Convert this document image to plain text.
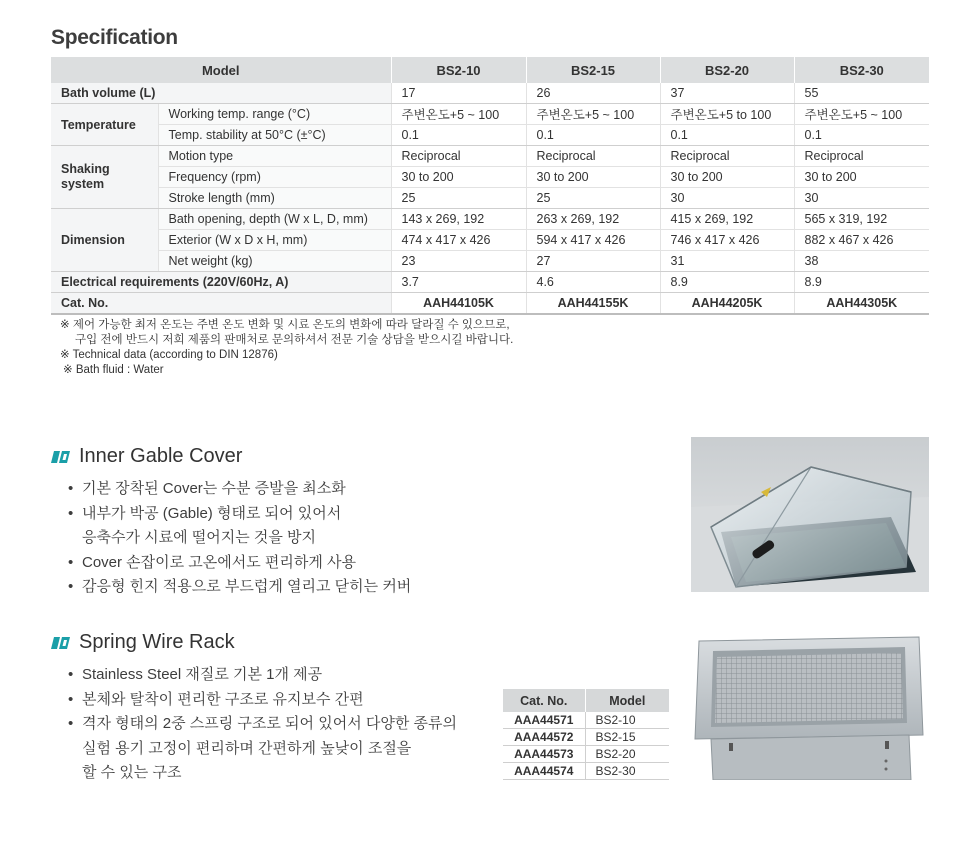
Specification
Model		BS2-10	BS2-15	BS2-20	BS2-30
Bath volume (L)		17	26	37	55
Temperature	Working temp. range (°C)	주변온도+5 ~ 100	주변온도+5 ~ 100	주변온도+5 to 100	주변온도+5 ~ 100
	Temp. stability at 50°C (±°C)	0.1	0.1	0.1	0.1

Shaking
system	Motion type	Reciprocal	Reciprocal	Reciprocal	Reciprocal
	Frequency (rpm)	30 to 200	30 to 200	30 to 200	30 to 200
	Stroke length (mm)	25	25	30	30
Dimension	Bath opening, depth (W x L, D, mm)	143 x 269, 192	263 x 269, 192	415 x 269, 192	565 x 319, 192
	Exterior (W x D x H, mm)	474 x 417 x 426	594 x 417 x 426	746 x 417 x 426	882 x 467 x 426
	Net weight (kg)	23	27	31	38
Electrical requirements (220V/60Hz, A)		3.7	4.6	8.9	8.9
Cat. No.		AAH44105K	AAH44155K	AAH44205K	AAH44305K
※ 제어 가능한 최저 온도는 주변 온도 변화 및 시료 온도의 변화에 따라 달라질 수 있으므로,
구입 전에 반드시 저희 제품의 판매처로 문의하셔서 전문 기술 상담을 받으시길 바랍니다.
※ Technical data (according to DIN 12876)
※ Bath fluid : Water
Inner Gable Cover
• 기본 장착된 Cover는 수분 증발을 최소화
• 내부가 박공 (Gable) 형태로 되어 있어서
응축수가 시료에 떨어지는 것을 방지
• Cover 손잡이로 고온에서도 편리하게 사용
• 감응형 힌지 적용으로 부드럽게 열리고 닫히는 커버
Spring Wire Rack
• Stainless Steel 재질로 기본 1개 제공
• 본체와 탈착이 편리한 구조로 유지보수 간편
• 격자 형태의 2중 스프링 구조로 되어 있어서 다양한 종류의
실험 용기 고정이 편리하며 간편하게 높낮이 조절을
할 수 있는 구조
Cat. No.	Model
AAA44571	BS2-10
AAA44572	BS2-15
AAA44573	BS2-20
AAA44574	BS2-30
